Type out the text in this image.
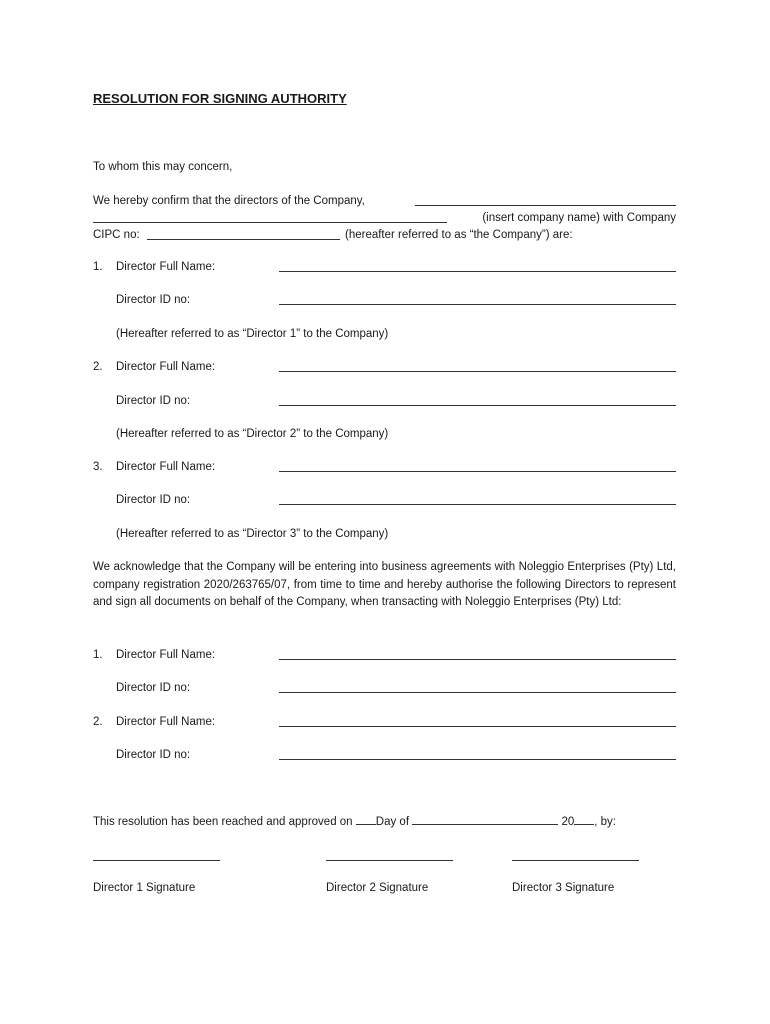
RESOLUTION FOR SIGNING AUTHORITY
To whom this may concern,
We hereby confirm that the directors of the Company,
(insert company name) with Company
CIPC no:	(hereafter referred to as “the Company”) are:
1. Director Full Name:
Director ID no:
(Hereafter referred to as “Director 1” to the Company)
2. Director Full Name:
Director ID no:
(Hereafter referred to as “Director 2” to the Company)
3. Director Full Name:
Director ID no:
(Hereafter referred to as “Director 3” to the Company)
We acknowledge that the Company will be entering into business agreements with Noleggio Enterprises (Pty) Ltd, company registration 2020/263765/07, from time to time and hereby authorise the following Directors to represent and sign all documents on behalf of the Company, when transacting with Noleggio Enterprises (Pty) Ltd:
1. Director Full Name:
Director ID no:
2. Director Full Name:
Director ID no:
This resolution has been reached and approved on Day of	20 , by:
Director 1 Signature	Director 2 Signature	Director 3 Signature
